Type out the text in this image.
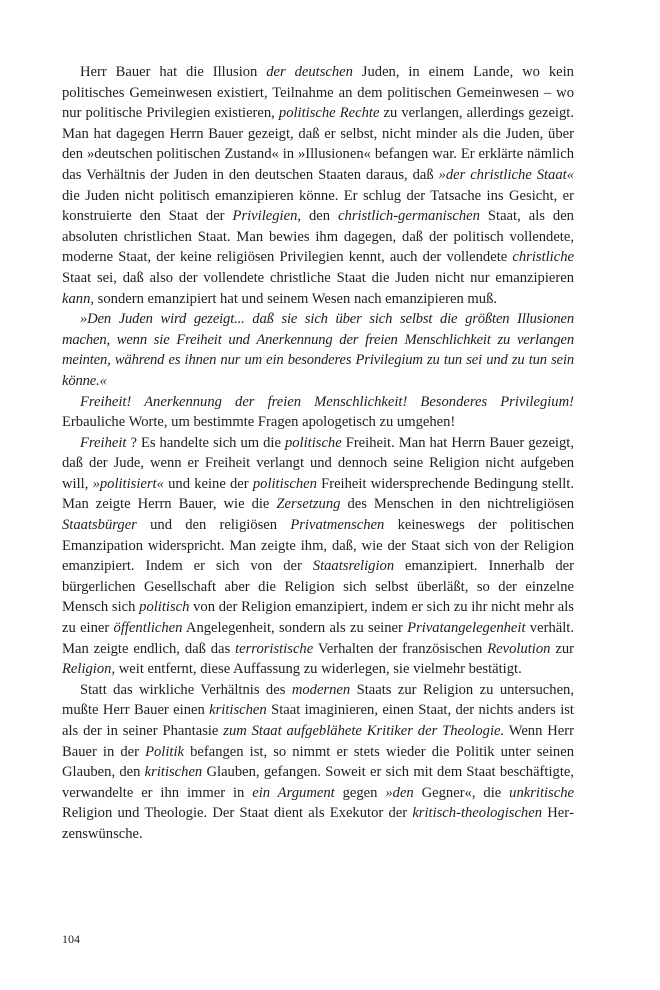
Herr Bauer hat die Illusion der deutschen Juden, in einem Lande, wo kein politisches Gemeinwesen existiert, Teilnahme an dem politischen Gemeinwesen – wo nur politische Privilegien existieren, politische Rechte zu verlangen, allerdings gezeigt. Man hat dagegen Herrn Bauer gezeigt, daß er selbst, nicht minder als die Juden, über den »deutschen politischen Zustand« in »Illusionen« befangen war. Er erklärte nämlich das Verhältnis der Juden in den deutschen Staaten daraus, daß »der christliche Staat« die Juden nicht politisch emanzipieren könne. Er schlug der Tatsache ins Gesicht, er konstruierte den Staat der Privilegien, den christlich-germanischen Staat, als den absoluten christlichen Staat. Man bewies ihm dagegen, daß der politisch vollendete, moderne Staat, der keine religiösen Privilegien kennt, auch der vollendete christliche Staat sei, daß also der vollendete christliche Staat die Juden nicht nur emanzipieren kann, sondern emanzipiert hat und seinem Wesen nach emanzipieren muß.

»Den Juden wird gezeigt... daß sie sich über sich selbst die größten Illusionen machen, wenn sie Freiheit und Anerkennung der freien Menschlichkeit zu verlangen meinten, während es ihnen nur um ein besonderes Privilegium zu tun sei und zu tun sein könne.«

Freiheit! Anerkennung der freien Menschlichkeit! Besonderes Privilegium! Erbauliche Worte, um bestimmte Fragen apologetisch zu umgehen!

Freiheit ? Es handelte sich um die politische Freiheit. Man hat Herrn Bauer gezeigt, daß der Jude, wenn er Freiheit verlangt und dennoch seine Religion nicht aufgeben will, »politisiert« und keine der politischen Freiheit widersprechende Bedingung stellt. Man zeigte Herrn Bauer, wie die Zersetzung des Menschen in den nichtreligiösen Staatsbürger und den religiösen Privatmenschen keineswegs der politischen Emanzipation widerspricht. Man zeigte ihm, daß, wie der Staat sich von der Religion emanzipiert. Indem er sich von der Staatsreligion emanzipiert. Innerhalb der bürgerlichen Gesellschaft aber die Religion sich selbst überläßt, so der einzelne Mensch sich politisch von der Religion emanzipiert, indem er sich zu ihr nicht mehr als zu einer öffentlichen Angelegenheit, sondern als zu seiner Privatangelegenheit verhält. Man zeigte endlich, daß das terroristische Verhalten der französischen Revolution zur Religion, weit entfernt, diese Auffassung zu widerlegen, sie vielmehr bestätigt.

Statt das wirkliche Verhältnis des modernen Staats zur Religion zu untersuchen, mußte Herr Bauer einen kritischen Staat imaginieren, einen Staat, der nichts anders ist als der in seiner Phantasie zum Staat aufgeblähete Kritiker der Theologie. Wenn Herr Bauer in der Politik befangen ist, so nimmt er stets wieder die Politik unter seinen Glauben, den kritischen Glauben, gefangen. Soweit er sich mit dem Staat beschäftigte, verwandelte er ihn immer in ein Argument gegen »den Gegner«, die unkritische Religion und Theologie. Der Staat dient als Exekutor der kritisch-theologischen Herzenswünsche.

104
